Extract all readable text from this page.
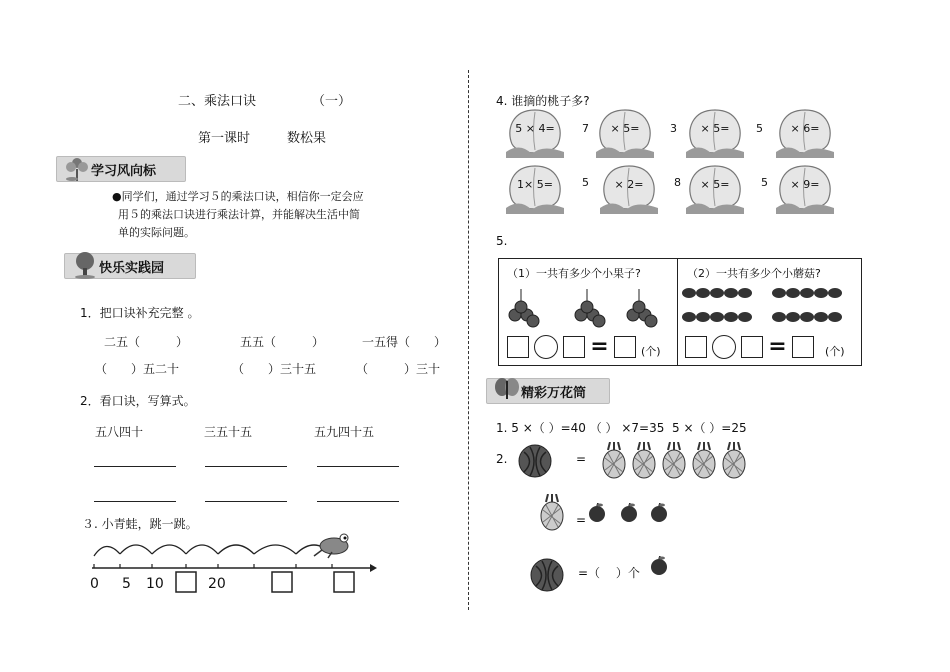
二、乘法口诀	（一）
第一课时	数松果
学习风向标
●同学们，通过学习５的乘法口诀，相信你一定会应
用５的乘法口诀进行乘法计算，并能解决生活中简
单的实际问题。
快乐实践园
1．把口诀补充完整 。
二五（　　　）	五五（　　　）	一五得（　　）
（　　）五二十	（　　）三十五	（　　　）三十
2．看口诀，写算式。
五八四十	三五十五	五九四十五
３. 小青蛙，跳一跳。
0 5 10	20
4. 谁摘的桃子多?
5 × 4=	7	× 5=	3	× 5=	5	× 6=
1× 5=	5	× 2=	8	× 5=	5	× 9=
5.
（1）一共有多少个小果子?	（2）一共有多少个小蘑菇?
=	(个)	=	(个)
精彩万花筒
1. 5 ×（ ）=40 （ ） ×7=35  5 ×（ ）=25
2.	=
=
=（　 ）个
